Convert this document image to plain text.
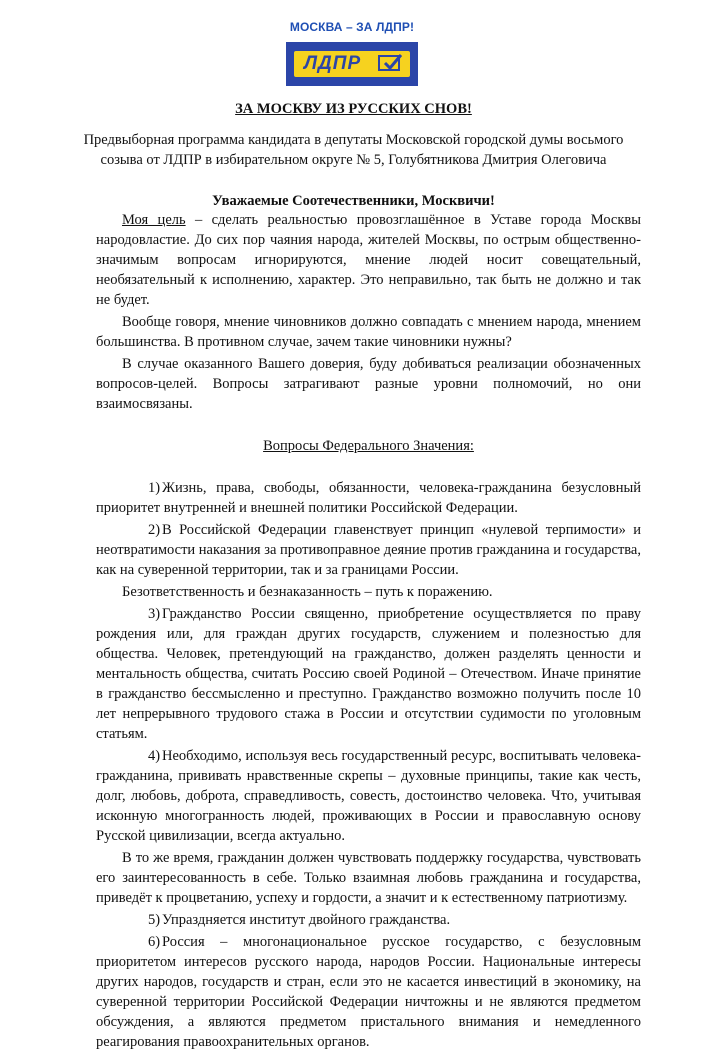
МОСКВА – ЗА ЛДПР!
ЛДПР
ЗА МОСКВУ ИЗ РУССКИХ СНОВ!
Предвыборная программа кандидата в депутаты Московской городской думы восьмого созыва от ЛДПР в избирательном округе № 5, Голубятникова Дмитрия Олеговича
Уважаемые Соотечественники, Москвичи!

Моя цель – сделать реальностью провозглашённое в Уставе города Москвы народовластие. До сих пор чаяния народа, жителей Москвы, по острым общественно-значимым вопросам игнорируются, мнение людей носит совещательный, необязательный к исполнению, характер. Это неправильно, так быть не должно и так не будет.

Вообще говоря, мнение чиновников должно совпадать с мнением народа, мнением большинства. В противном случае, зачем такие чиновники нужны?

В случае оказанного Вашего доверия, буду добиваться реализации обозначенных вопросов-целей. Вопросы затрагивают разные уровни полномочий, но они взаимосвязаны.

Вопросы Федерального Значения:

1) Жизнь, права, свободы, обязанности, человека-гражданина безусловный приоритет внутренней и внешней политики Российской Федерации.

2) В Российской Федерации главенствует принцип «нулевой терпимости» и неотвратимости наказания за противоправное деяние против гражданина и государства, как на суверенной территории, так и за границами России.

Безответственность и безнаказанность – путь к поражению.

3) Гражданство России священно, приобретение осуществляется по праву рождения или, для граждан других государств, служением и полезностью для общества. Человек, претендующий на гражданство, должен разделять ценности и ментальность общества, считать Россию своей Родиной – Отечеством. Иначе принятие в гражданство бессмысленно и преступно. Гражданство возможно получить после 10 лет непрерывного трудового стажа в России и отсутствии судимости по уголовным статьям.

4) Необходимо, используя весь государственный ресурс, воспитывать человека-гражданина, прививать нравственные скрепы – духовные принципы, такие как честь, долг, любовь, доброта, справедливость, совесть, достоинство человека. Что, учитывая исконную многогранность людей, проживающих в России и православную основу Русской цивилизации, всегда актуально.

В то же время, гражданин должен чувствовать поддержку государства, чувствовать его заинтересованность в себе. Только взаимная любовь гражданина и государства, приведёт к процветанию, успеху и гордости, а значит и к естественному патриотизму.

5) Упраздняется институт двойного гражданства.

6) Россия – многонациональное русское государство, с безусловным приоритетом интересов русского народа, народов России. Национальные интересы других народов, государств и стран, если это не касается инвестиций в экономику, на суверенной территории Российской Федерации ничтожны и не являются предметом обсуждения, а являются предметом пристального внимания и немедленного реагирования правоохранительных органов.
